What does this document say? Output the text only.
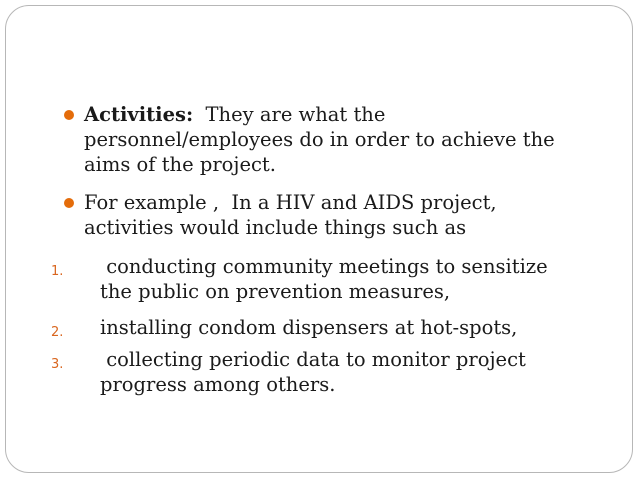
Activities:  They are what the
personnel/employees do in order to achieve the
aims of the project.
For example ,  In a HIV and AIDS project,
activities would include things such as
1.	conducting community meetings to sensitize
the public on prevention measures,
2.	installing condom dispensers at hot-spots,
3.	collecting periodic data to monitor project
progress among others.
